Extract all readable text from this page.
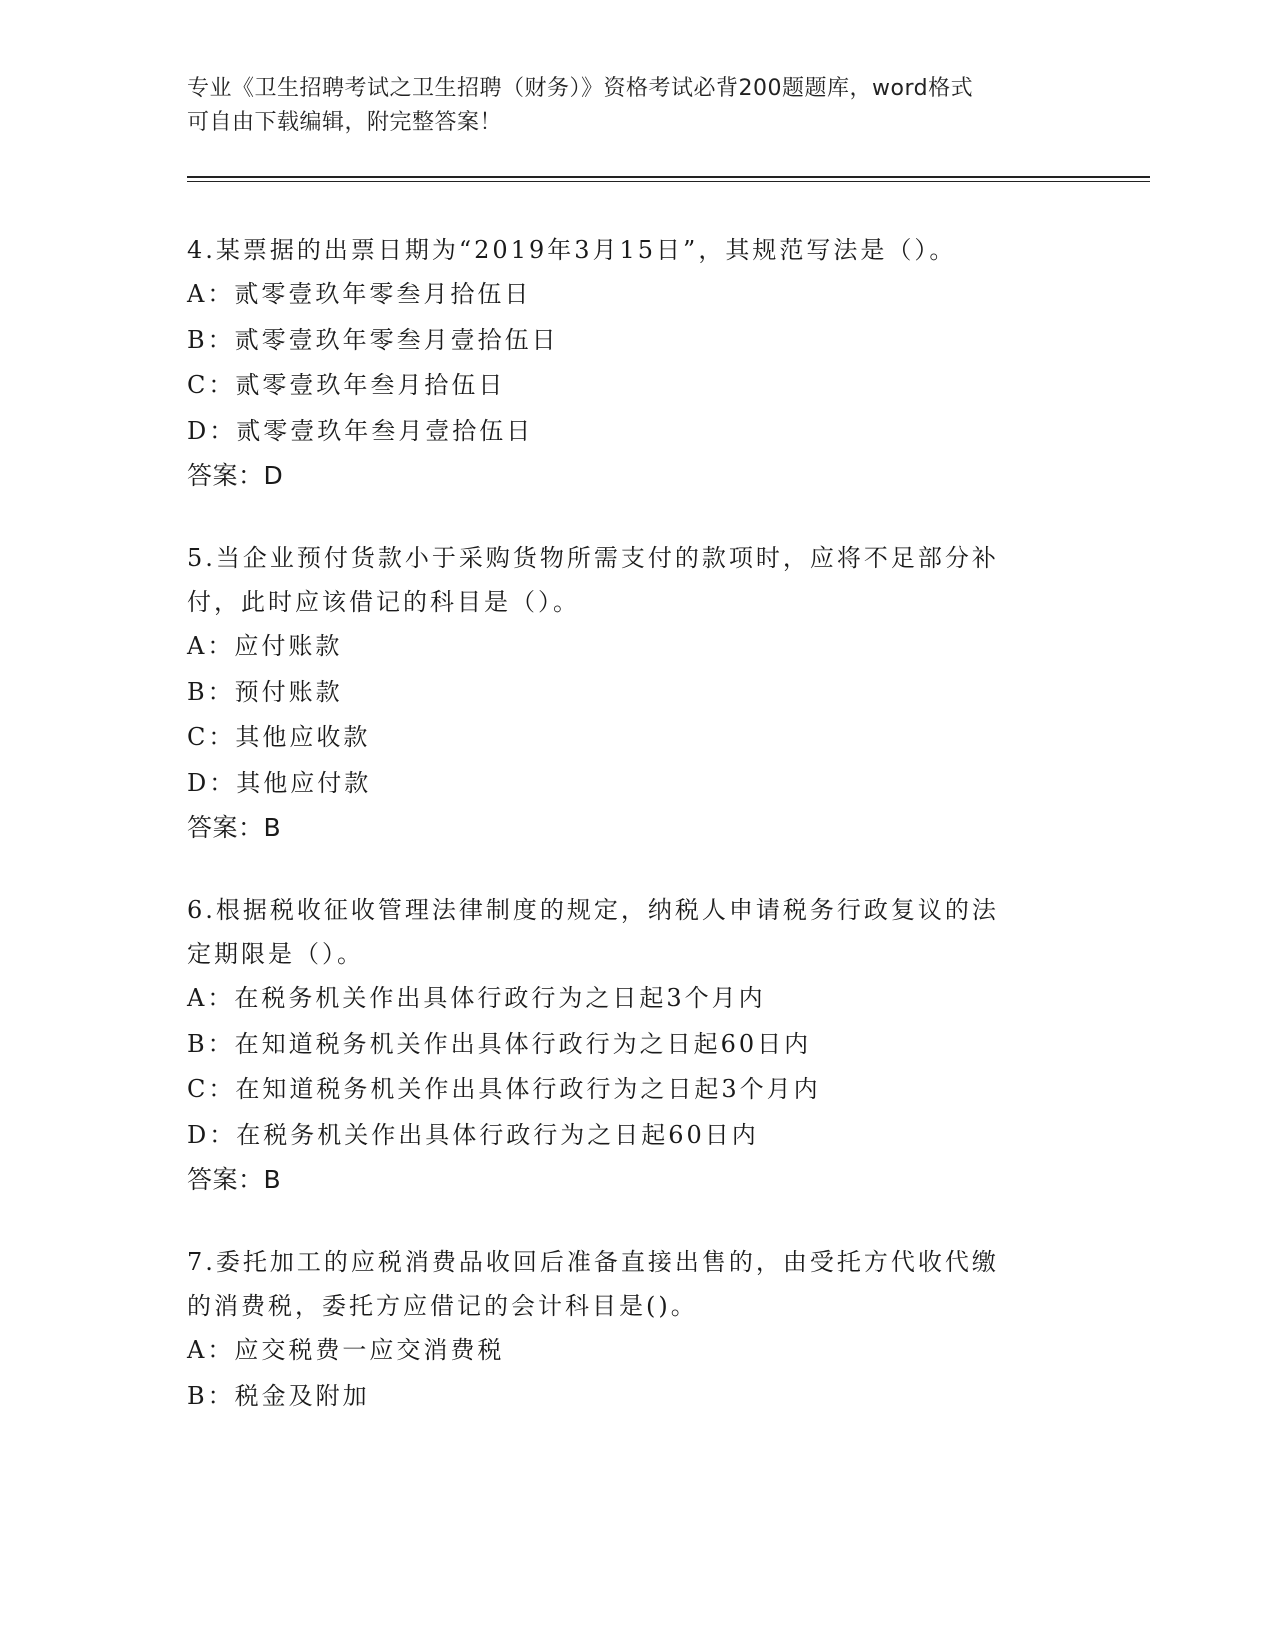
专业《卫生招聘考试之卫生招聘（财务）》资格考试必背200题题库，word格式
可自由下载编辑，附完整答案！
4.某票据的出票日期为“2019年3月15日”，其规范写法是（）。
A：贰零壹玖年零叁月拾伍日
B：贰零壹玖年零叁月壹拾伍日
C：贰零壹玖年叁月拾伍日
D：贰零壹玖年叁月壹拾伍日
答案：D
5.当企业预付货款小于采购货物所需支付的款项时，应将不足部分补
付，此时应该借记的科目是（）。
A：应付账款
B：预付账款
C：其他应收款
D：其他应付款
答案：B
6.根据税收征收管理法律制度的规定，纳税人申请税务行政复议的法
定期限是（）。
A：在税务机关作出具体行政行为之日起3个月内
B：在知道税务机关作出具体行政行为之日起60日内
C：在知道税务机关作出具体行政行为之日起3个月内
D：在税务机关作出具体行政行为之日起60日内
答案：B
7.委托加工的应税消费品收回后准备直接出售的，由受托方代收代缴
的消费税，委托方应借记的会计科目是()。
A：应交税费一应交消费税
B：税金及附加
